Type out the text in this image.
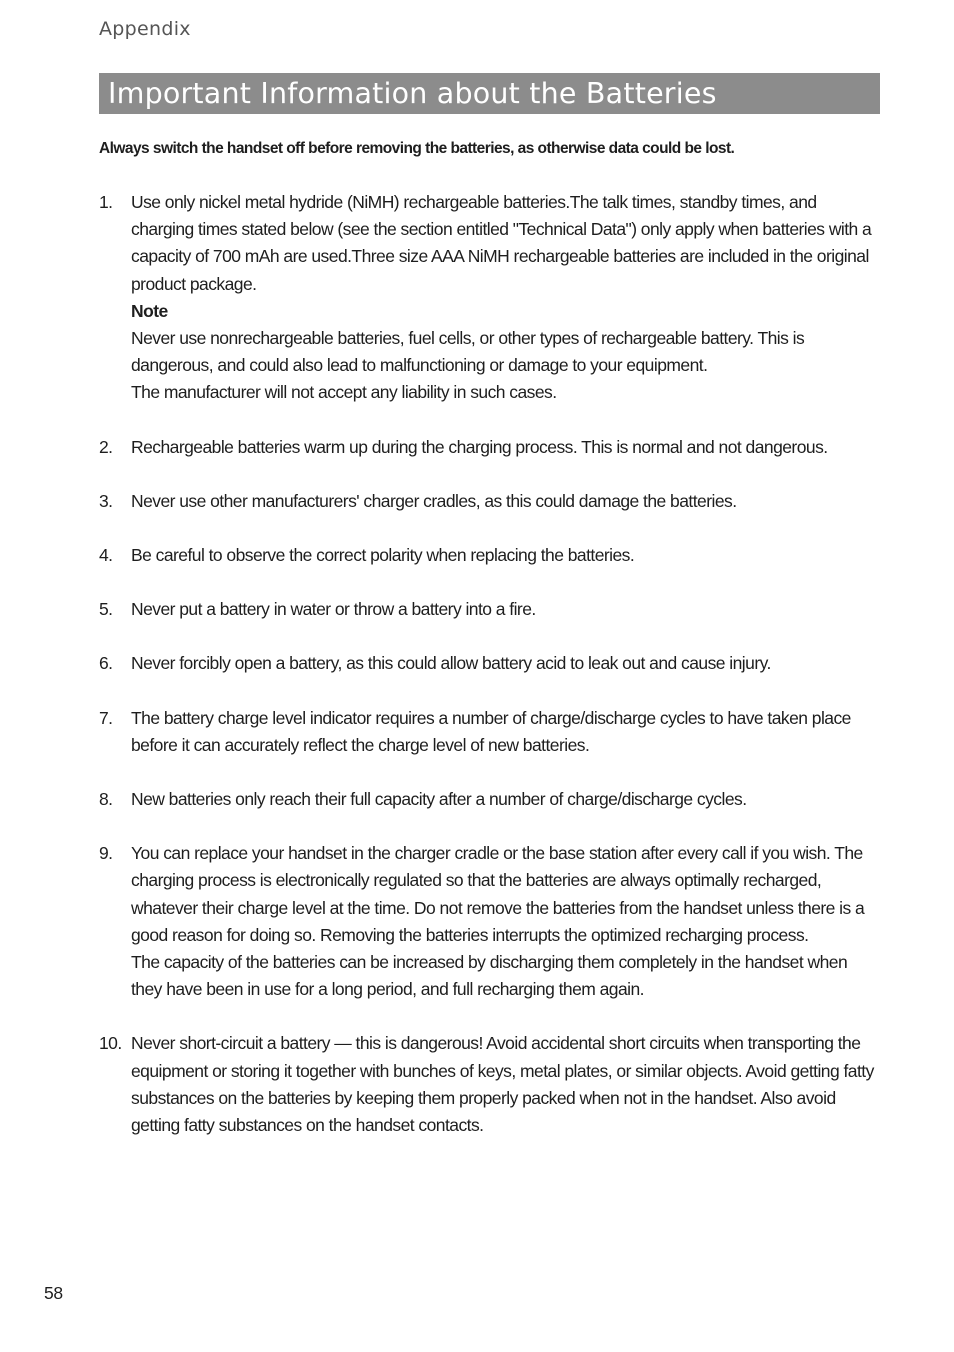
Appendix
Important Information about the Batteries
Always switch the handset off before removing the batteries, as otherwise data could be lost.
1. Use only nickel metal hydride (NiMH) rechargeable batteries.The talk times, standby times, and charging times stated below (see the section entitled "Technical Data") only apply when batteries with a capacity of 700 mAh are used.Three size AAA NiMH rechargeable batteries are included in the original product package.

Note

Never use nonrechargeable batteries, fuel cells, or other types of rechargeable battery. This is dangerous, and could also lead to malfunctioning or damage to your equipment.

The manufacturer will not accept any liability in such cases.

2. Rechargeable batteries warm up during the charging process. This is normal and not dangerous.

3. Never use other manufacturers' charger cradles, as this could damage the batteries.

4. Be careful to observe the correct polarity when replacing the batteries.

5. Never put a battery in water or throw a battery into a fire.

6. Never forcibly open a battery, as this could allow battery acid to leak out and cause injury.

7. The battery charge level indicator requires a number of charge/discharge cycles to have taken place before it can accurately reflect the charge level of new batteries.

8. New batteries only reach their full capacity after a number of charge/discharge cycles.

9. You can replace your handset in the charger cradle or the base station after every call if you wish. The charging process is electronically regulated so that the batteries are always optimally recharged, whatever their charge level at the time. Do not remove the batteries from the handset unless there is a good reason for doing so. Removing the batteries interrupts the optimized recharging process.

The capacity of the batteries can be increased by discharging them completely in the handset when they have been in use for a long period, and full recharging them again.

10. Never short-circuit a battery — this is dangerous! Avoid accidental short circuits when transporting the equipment or storing it together with bunches of keys, metal plates, or similar objects. Avoid getting fatty substances on the batteries by keeping them properly packed when not in the handset. Also avoid getting fatty substances on the handset contacts.

58
